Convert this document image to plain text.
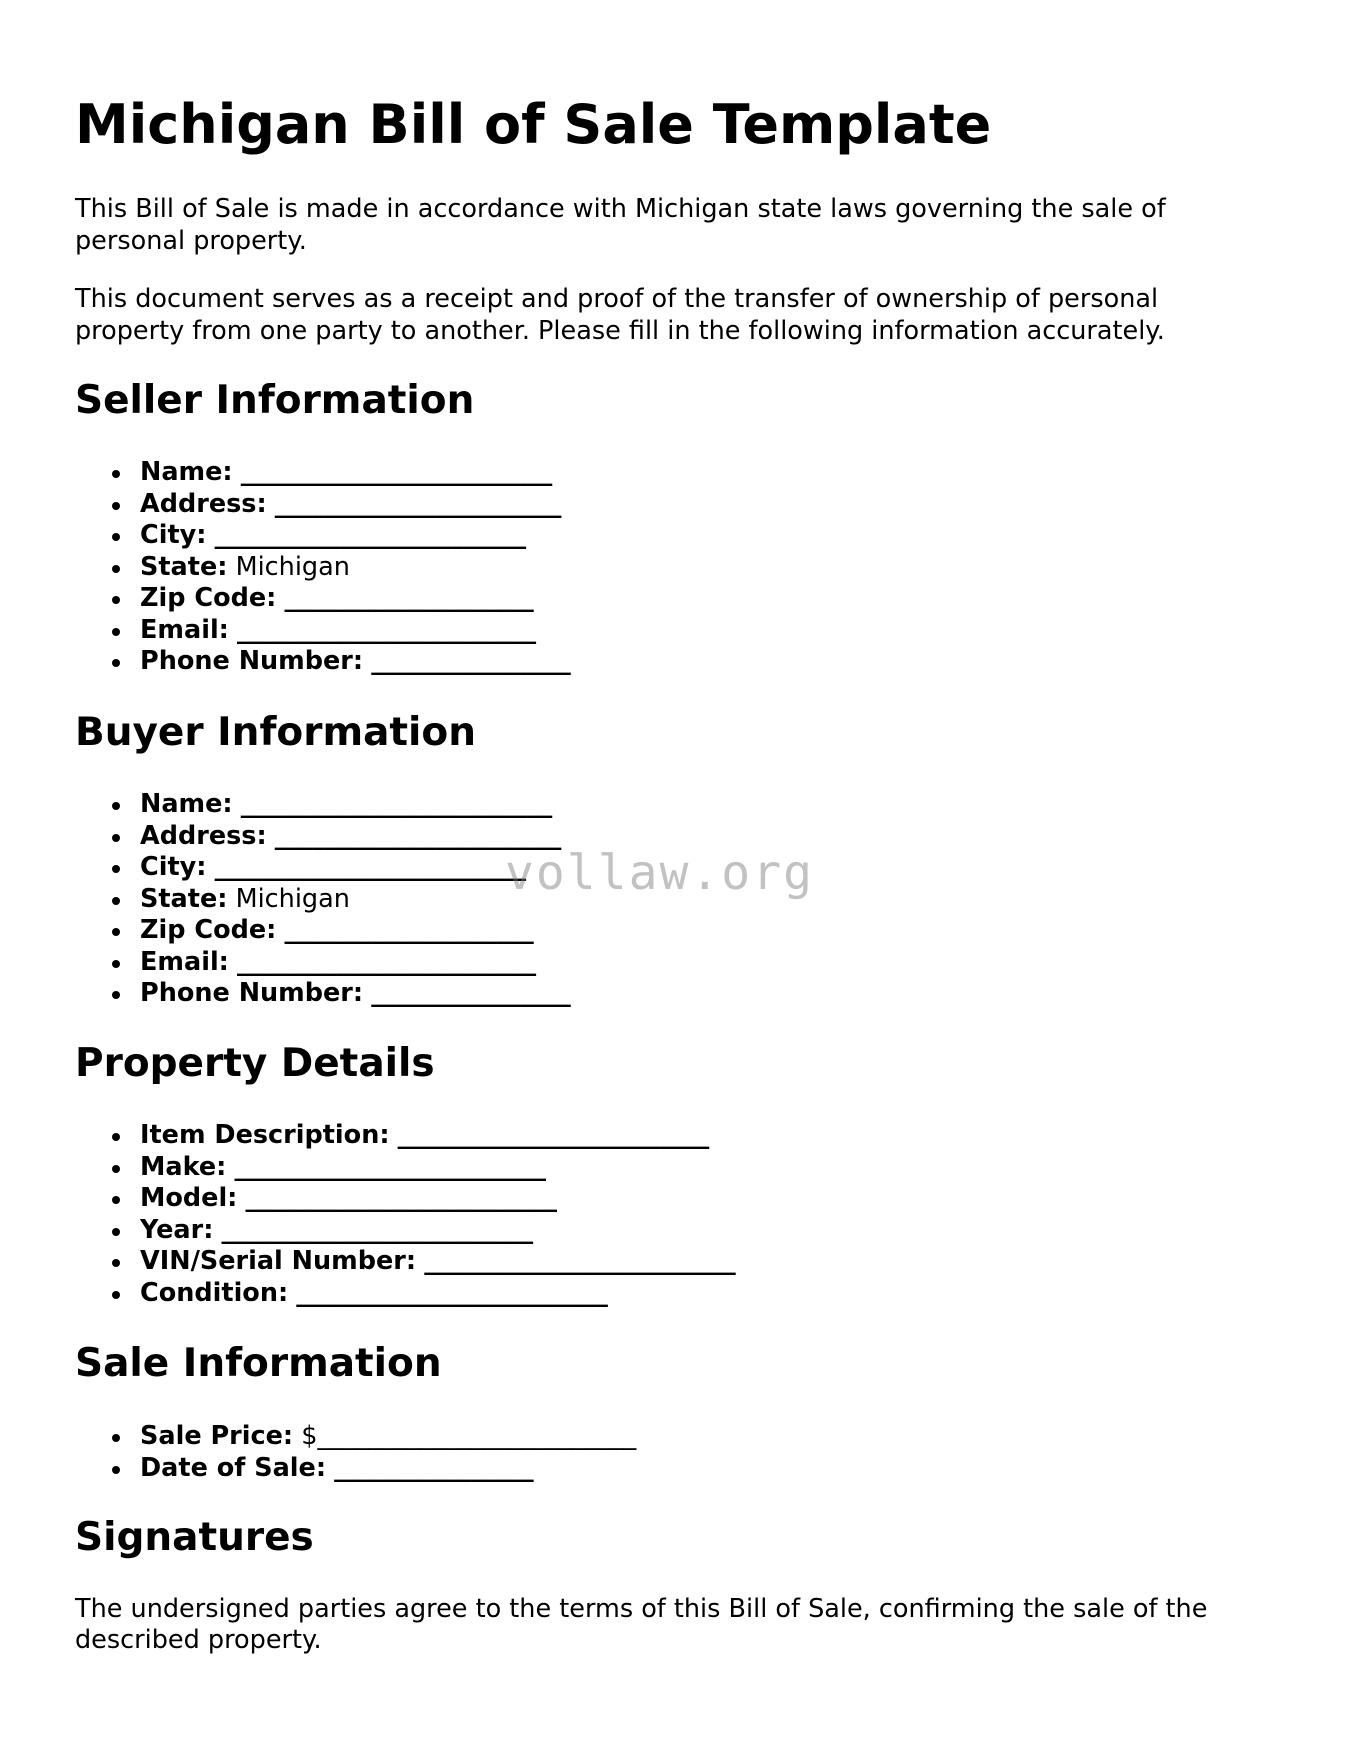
Michigan Bill of Sale Template

This Bill of Sale is made in accordance with Michigan state laws governing the sale of personal property.

This document serves as a receipt and proof of the transfer of ownership of personal property from one party to another. Please fill in the following information accurately.

Seller Information
Name: _________________________
Address: _______________________
City: _________________________
State: Michigan
Zip Code: ____________________
Email: ________________________
Phone Number: ________________
Buyer Information
Name: _________________________
Address: _______________________
City: _________________________
State: Michigan
Zip Code: ____________________
Email: ________________________
Phone Number: ________________
Property Details
Item Description: _________________________
Make: _________________________
Model: _________________________
Year: _________________________
VIN/Serial Number: _________________________
Condition: _________________________
Sale Information
Sale Price: $_________________________
Date of Sale: ________________
Signatures

The undersigned parties agree to the terms of this Bill of Sale, confirming the sale of the described property.

vollaw.org
